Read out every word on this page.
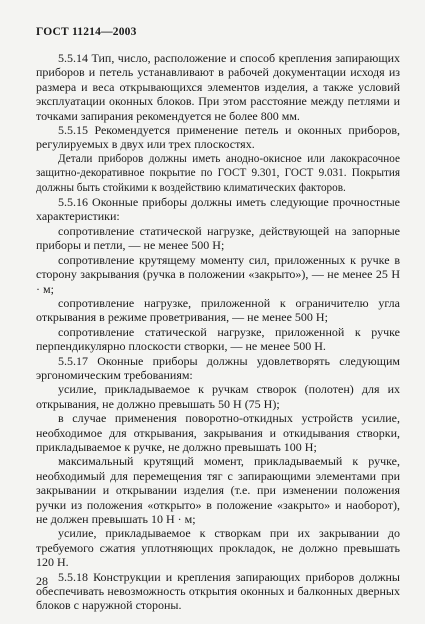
ГОСТ 11214—2003

5.5.14 Тип, число, расположение и способ крепления запирающих приборов и петель устанавливают в рабочей документации исходя из размера и веса открывающихся элементов изделия, а также условий эксплуатации оконных блоков. При этом расстояние между петлями и точками запирания рекомендуется не более 800 мм.

5.5.15 Рекомендуется применение петель и оконных приборов, регулируемых в двух или трех плоскостях.

Детали приборов должны иметь анодно-окисное или лакокрасочное защитно-декоративное покрытие по ГОСТ 9.301, ГОСТ 9.031. Покрытия должны быть стойкими к воздействию климатических факторов.

5.5.16 Оконные приборы должны иметь следующие прочностные характеристики:

сопротивление статической нагрузке, действующей на запорные приборы и петли, — не менее 500 Н;

сопротивление крутящему моменту сил, приложенных к ручке в сторону закрывания (ручка в положении «закрыто»), — не менее 25 Н · м;

сопротивление нагрузке, приложенной к ограничителю угла открывания в режиме проветривания, — не менее 500 Н;

сопротивление статической нагрузке, приложенной к ручке перпендикулярно плоскости створки, — не менее 500 Н.

5.5.17 Оконные приборы должны удовлетворять следующим эргономическим требованиям:

усилие, прикладываемое к ручкам створок (полотен) для их открывания, не должно превышать 50 Н (75 Н);

в случае применения поворотно-откидных устройств усилие, необходимое для открывания, закрывания и откидывания створки, прикладываемое к ручке, не должно превышать 100 Н;

максимальный крутящий момент, прикладываемый к ручке, необходимый для перемещения тяг с запирающими элементами при закрывании и открывании изделия (т.е. при изменении положения ручки из положения «открыто» в положение «закрыто» и наоборот), не должен превышать 10 Н · м;

усилие, прикладываемое к створкам при их закрывании до требуемого сжатия уплотняющих прокладок, не должно превышать 120 Н.

5.5.18 Конструкции и крепления запирающих приборов должны обеспечивать невозможность открытия оконных и балконных дверных блоков с наружной стороны.

28
